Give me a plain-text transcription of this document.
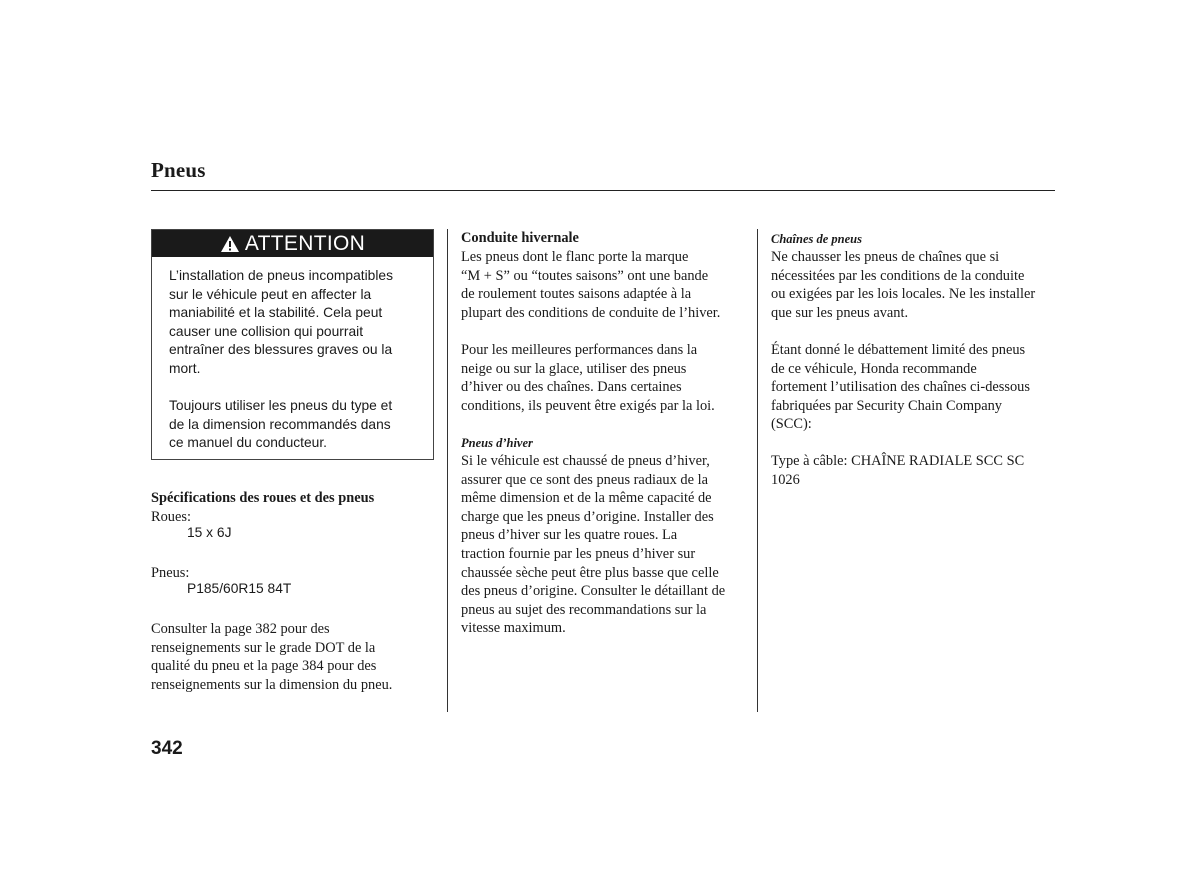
Pneus
ATTENTION

L’installation de pneus incompatibles
sur le véhicule peut en affecter la
maniabilité et la stabilité. Cela peut
causer une collision qui pourrait
entraîner des blessures graves ou la
mort.

Toujours utiliser les pneus du type et
de la dimension recommandés dans
ce manuel du conducteur.

Spécifications des roues et des pneus
Roues:
15 x 6J
Pneus:
P185/60R15 84T

Consulter la page 382 pour des
renseignements sur le grade DOT de la
qualité du pneu et la page 384 pour des
renseignements sur la dimension du pneu.

Conduite hivernale

Les pneus dont le flanc porte la marque
“M + S” ou “toutes saisons” ont une bande
de roulement toutes saisons adaptée à la
plupart des conditions de conduite de l’hiver.

Pour les meilleures performances dans la
neige ou sur la glace, utiliser des pneus
d’hiver ou des chaînes. Dans certaines
conditions, ils peuvent être exigés par la loi.

Pneus d’hiver

Si le véhicule est chaussé de pneus d’hiver,
assurer que ce sont des pneus radiaux de la
même dimension et de la même capacité de
charge que les pneus d’origine. Installer des
pneus d’hiver sur les quatre roues. La
traction fournie par les pneus d’hiver sur
chaussée sèche peut être plus basse que celle
des pneus d’origine. Consulter le détaillant de
pneus au sujet des recommandations sur la
vitesse maximum.

Chaînes de pneus

Ne chausser les pneus de chaînes que si
nécessitées par les conditions de la conduite
ou exigées par les lois locales. Ne les installer
que sur les pneus avant.

Étant donné le débattement limité des pneus
de ce véhicule, Honda recommande
fortement l’utilisation des chaînes ci-dessous
fabriquées par Security Chain Company
(SCC):

Type à câble: CHAÎNE RADIALE SCC SC
1026

342
